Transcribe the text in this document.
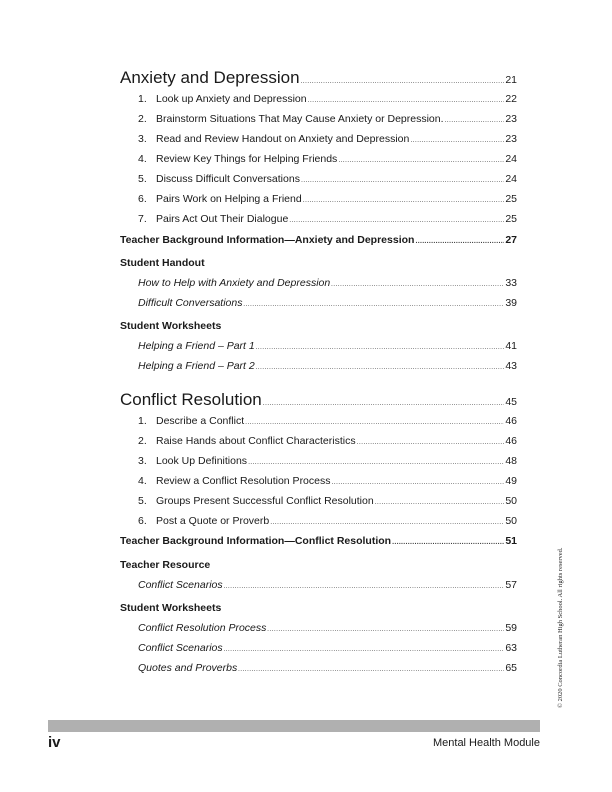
Anxiety and Depression .....	21
1. Look up Anxiety and Depression .....	22
2. Brainstorm Situations That May Cause Anxiety or Depression. .....	23
3. Read and Review Handout on Anxiety and Depression .....	23
4. Review Key Things for Helping Friends .....	24
5. Discuss Difficult Conversations .....	24
6. Pairs Work on Helping a Friend .....	25
7. Pairs Act Out Their Dialogue .....	25
Teacher Background Information—Anxiety and Depression .....	27
Student Handout
How to Help with Anxiety and Depression .....	33
Difficult Conversations .....	39
Student Worksheets
Helping a Friend – Part 1 .....	41
Helping a Friend – Part 2 .....	43
Conflict Resolution .....	45
1. Describe a Conflict .....	46
2. Raise Hands about Conflict Characteristics .....	46
3. Look Up Definitions .....	48
4. Review a Conflict Resolution Process .....	49
5. Groups Present Successful Conflict Resolution .....	50
6. Post a Quote or Proverb .....	50
Teacher Background Information—Conflict Resolution .....	51
Teacher Resource
Conflict Scenarios .....	57
Student Worksheets
Conflict Resolution Process .....	59
Conflict Scenarios .....	63
Quotes and Proverbs .....	65	© 2020 Concordia Lutheran High School. All rights reserved.
iv	Mental Health Module
